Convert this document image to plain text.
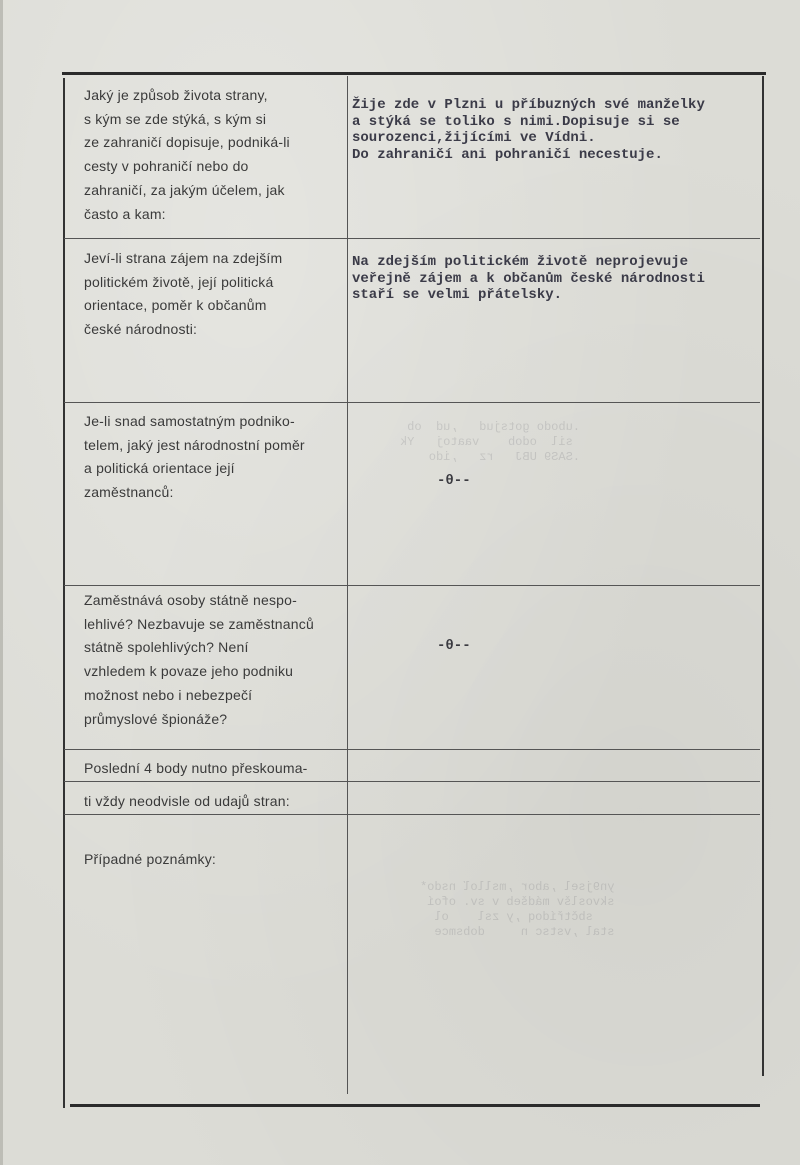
.ubodo gotsjud   ,ud  ob
sil  odob    vaatoj   Yk
.SAS9 UBJ   rz   ,ido

yn9jsel ,abor ,mslloľ nsdo*
skvoslšv mádšeb v sv. ofoí
sbčtřídoq ,y zsl    ol
stal ,vstsc n     dobsmce

Jaký je způsob života strany,
s kým se zde stýká, s kým si
ze zahraničí dopisuje, podniká-li
cesty v pohraničí nebo do
zahraničí, za jakým účelem, jak
často a kam:
Žije zde v Plzni u příbuzných své manželky
a stýká se toliko s nimi.Dopisuje si se
sourozenci,žijícími ve Vídni.
Do zahraničí ani pohraničí necestuje.
Jeví-li strana zájem na zdejším
politickém životě, její politická
orientace, poměr k občanům
české národnosti:
Na zdejším politickém životě neprojevuje
veřejně zájem a k občanům české národnosti
staří se velmi přátelsky.
Je-li snad samostatným podniko-
telem, jaký jest národnostní poměr
a politická orientace její
zaměstnanců:
-θ--
Zaměstnává osoby státně nespo-
lehlivé? Nezbavuje se zaměstnanců
státně spolehlivých? Není
vzhledem k povaze jeho podniku
možnost nebo i nebezpečí
průmyslové špionáže?
-θ--
Poslední 4 body nutno přeskouma-
ti vždy neodvisle od udajů stran:
Případné poznámky:
